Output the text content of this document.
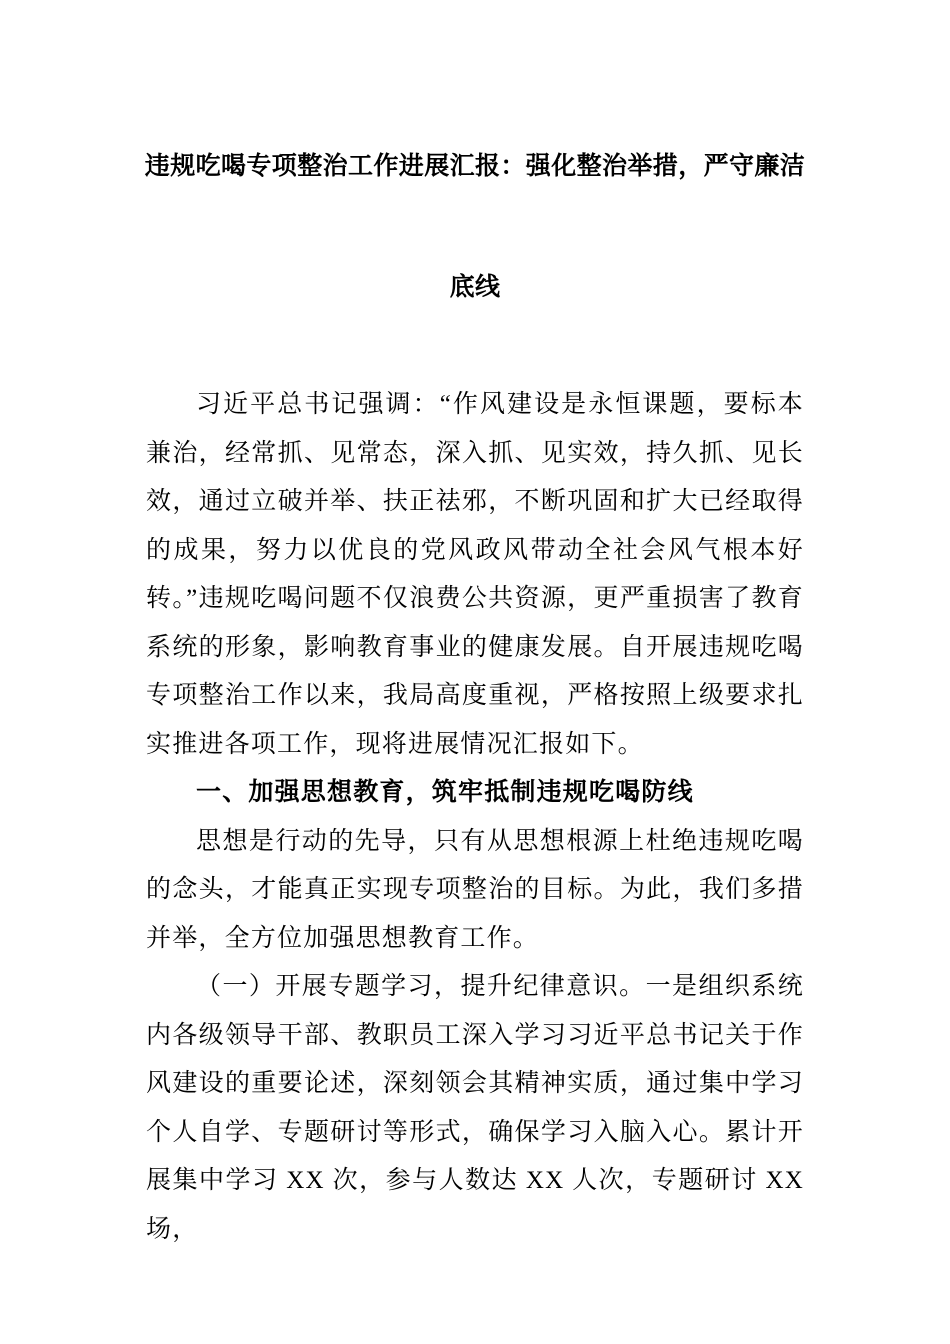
违规吃喝专项整治工作进展汇报：强化整治举措，严守廉洁底线

习近平总书记强调：“作风建设是永恒课题，要标本兼治，经常抓、见常态，深入抓、见实效，持久抓、见长效，通过立破并举、扶正祛邪，不断巩固和扩大已经取得的成果，努力以优良的党风政风带动全社会风气根本好转。”违规吃喝问题不仅浪费公共资源，更严重损害了教育系统的形象，影响教育事业的健康发展。自开展违规吃喝专项整治工作以来，我局高度重视，严格按照上级要求扎实推进各项工作，现将进展情况汇报如下。

一、加强思想教育，筑牢抵制违规吃喝防线

思想是行动的先导，只有从思想根源上杜绝违规吃喝的念头，才能真正实现专项整治的目标。为此，我们多措并举，全方位加强思想教育工作。

（一）开展专题学习，提升纪律意识。一是组织系统内各级领导干部、教职员工深入学习习近平总书记关于作风建设的重要论述，深刻领会其精神实质，通过集中学习个人自学、专题研讨等形式，确保学习入脑入心。累计开展集中学习 XX 次，参与人数达 XX 人次，专题研讨 XX 场，
